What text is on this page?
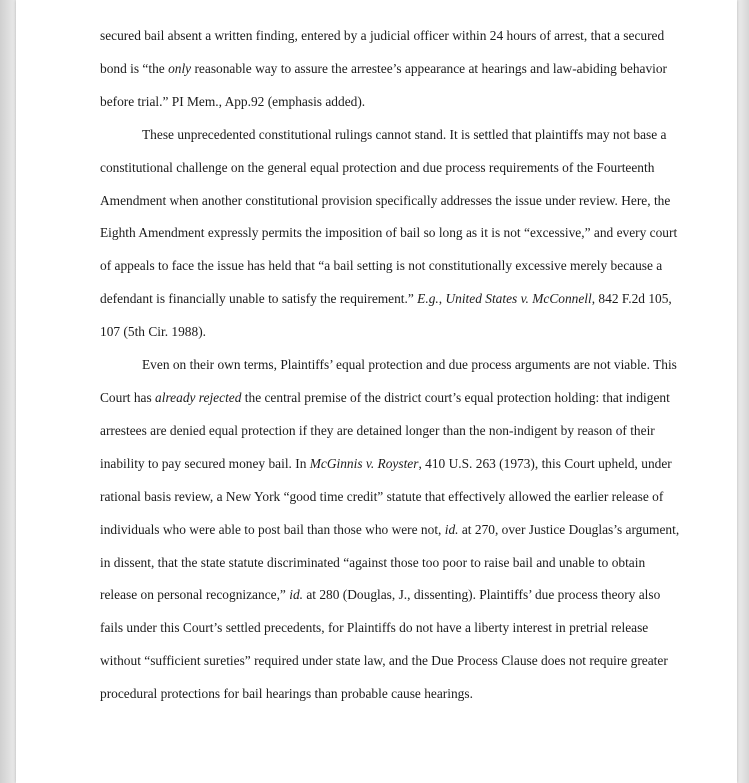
secured bail absent a written finding, entered by a judicial officer within 24 hours of arrest, that a secured bond is “the only reasonable way to assure the arrestee’s appearance at hearings and law-abiding behavior before trial.” PI Mem., App.92 (emphasis added).

These unprecedented constitutional rulings cannot stand. It is settled that plaintiffs may not base a constitutional challenge on the general equal protection and due process requirements of the Fourteenth Amendment when another constitutional provision specifically addresses the issue under review. Here, the Eighth Amendment expressly permits the imposition of bail so long as it is not “excessive,” and every court of appeals to face the issue has held that “a bail setting is not constitutionally excessive merely because a defendant is financially unable to satisfy the requirement.” E.g., United States v. McConnell, 842 F.2d 105, 107 (5th Cir. 1988).

Even on their own terms, Plaintiffs’ equal protection and due process arguments are not viable. This Court has already rejected the central premise of the district court’s equal protection holding: that indigent arrestees are denied equal protection if they are detained longer than the non-indigent by reason of their inability to pay secured money bail. In McGinnis v. Royster, 410 U.S. 263 (1973), this Court upheld, under rational basis review, a New York “good time credit” statute that effectively allowed the earlier release of individuals who were able to post bail than those who were not, id. at 270, over Justice Douglas’s argument, in dissent, that the state statute discriminated “against those too poor to raise bail and unable to obtain release on personal recognizance,” id. at 280 (Douglas, J., dissenting). Plaintiffs’ due process theory also fails under this Court’s settled precedents, for Plaintiffs do not have a liberty interest in pretrial release without “sufficient sureties” required under state law, and the Due Process Clause does not require greater procedural protections for bail hearings than probable cause hearings.
